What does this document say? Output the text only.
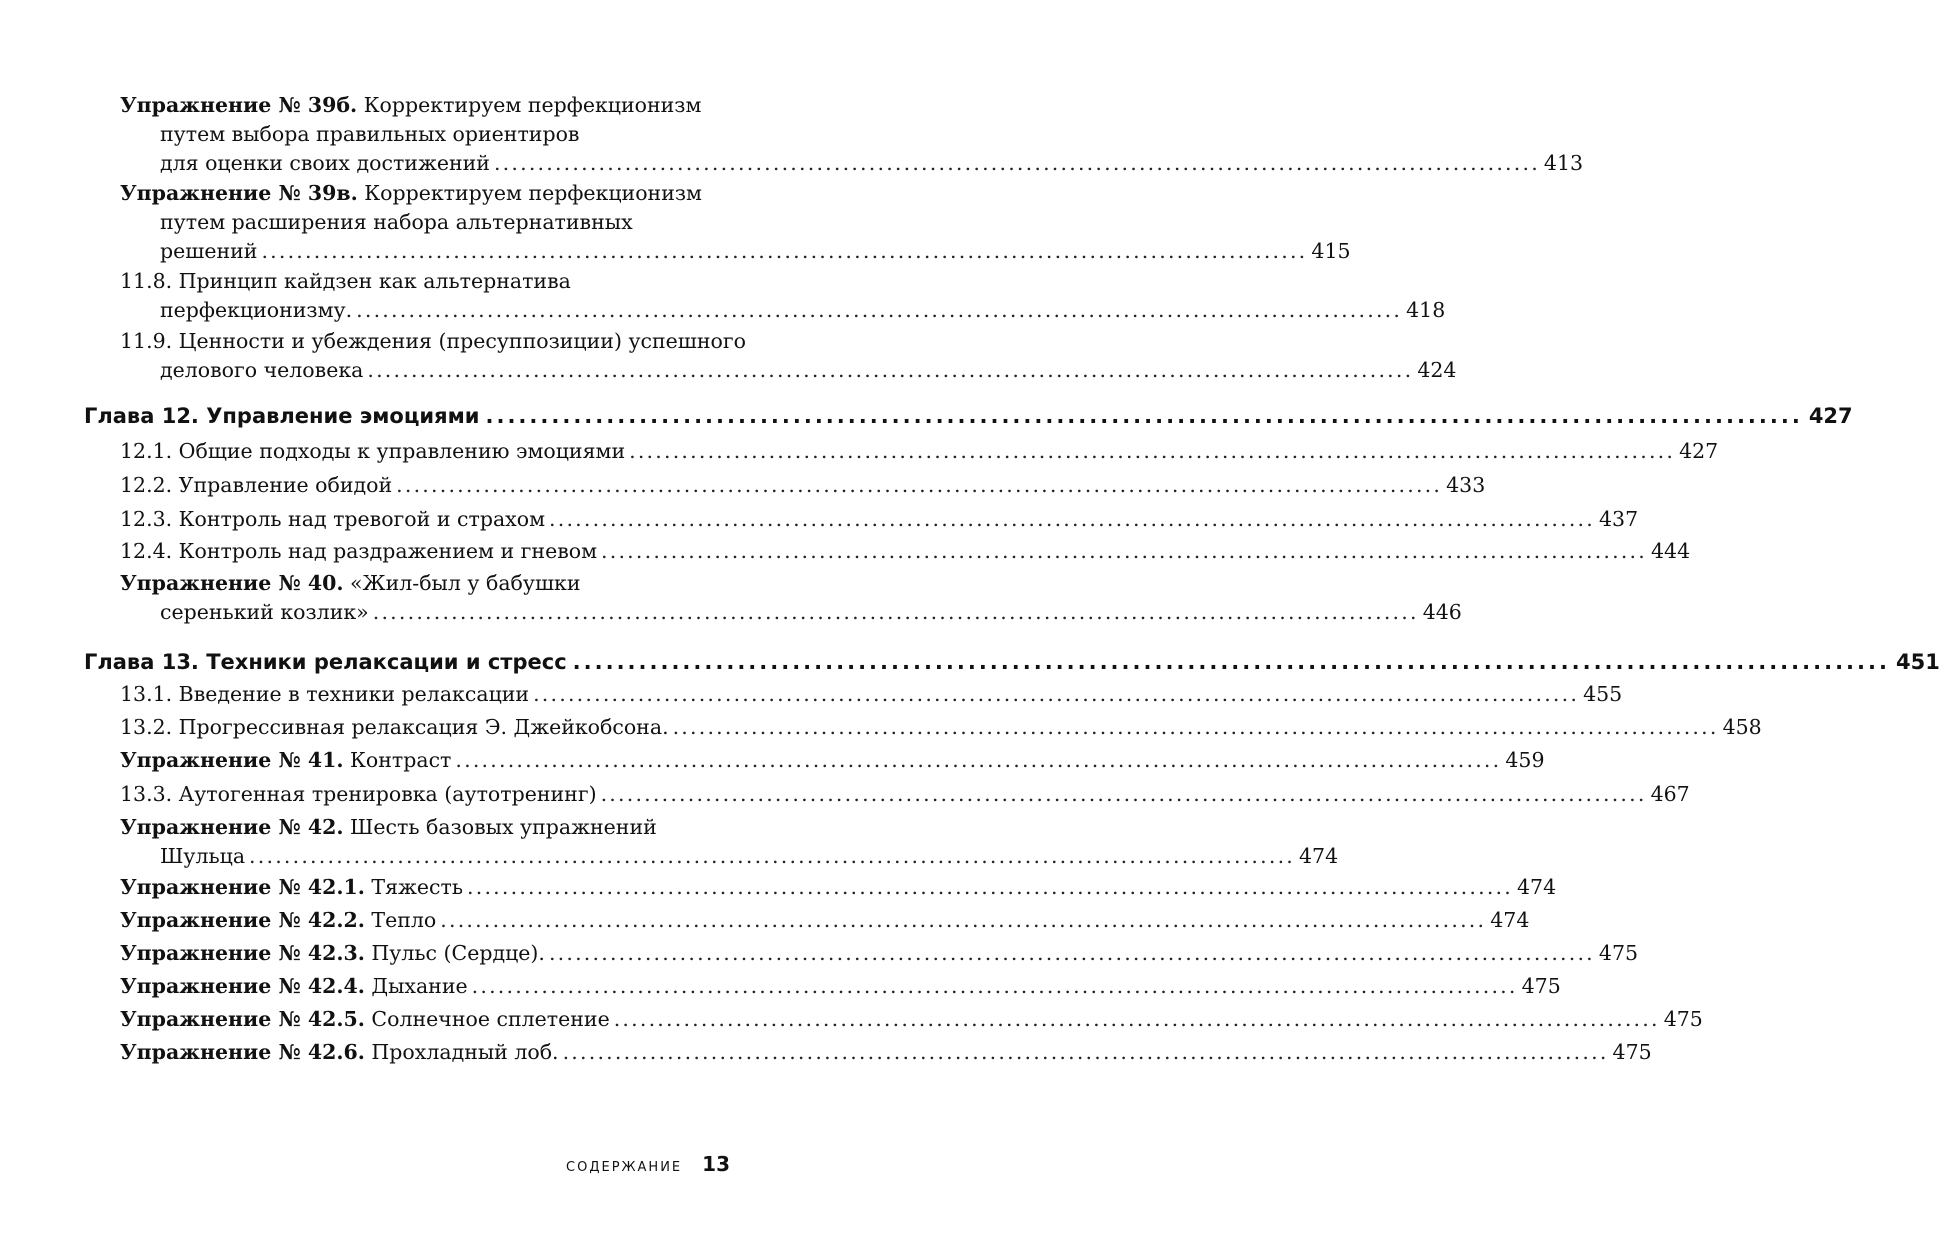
Упражнение № 39б. Корректируем перфекционизм
путем выбора правильных ориентиров
для оценки своих достижений ........................................................................................................................ 413
Упражнение № 39в. Корректируем перфекционизм
путем расширения набора альтернативных
решений ........................................................................................................................ 415
11.8. Принцип кайдзен как альтернатива
перфекционизму. ........................................................................................................................ 418
11.9. Ценности и убеждения (пресуппозиции) успешного
делового человека ........................................................................................................................ 424
Глава 12. Управление эмоциями ........................................................................................................................ 427
12.1. Общие подходы к управлению эмоциями ........................................................................................................................ 427
12.2. Управление обидой ........................................................................................................................ 433
12.3. Контроль над тревогой и страхом ........................................................................................................................ 437
12.4. Контроль над раздражением и гневом ........................................................................................................................ 444
Упражнение № 40. «Жил-был у бабушки
серенький козлик» ........................................................................................................................ 446
Глава 13. Техники релаксации и стресс ........................................................................................................................ 451
13.1. Введение в техники релаксации ........................................................................................................................ 455
13.2. Прогрессивная релаксация Э. Джейкобсона. ........................................................................................................................ 458
Упражнение № 41. Контраст ........................................................................................................................ 459
13.3. Аутогенная тренировка (аутотренинг) ........................................................................................................................ 467
Упражнение № 42. Шесть базовых упражнений
Шульца ........................................................................................................................ 474
Упражнение № 42.1. Тяжесть ........................................................................................................................ 474
Упражнение № 42.2. Тепло ........................................................................................................................ 474
Упражнение № 42.3. Пульс (Сердце). ........................................................................................................................ 475
Упражнение № 42.4. Дыхание ........................................................................................................................ 475
Упражнение № 42.5. Солнечное сплетение ........................................................................................................................ 475
Упражнение № 42.6. Прохладный лоб. ........................................................................................................................ 475
СОДЕРЖАНИЕ 13
